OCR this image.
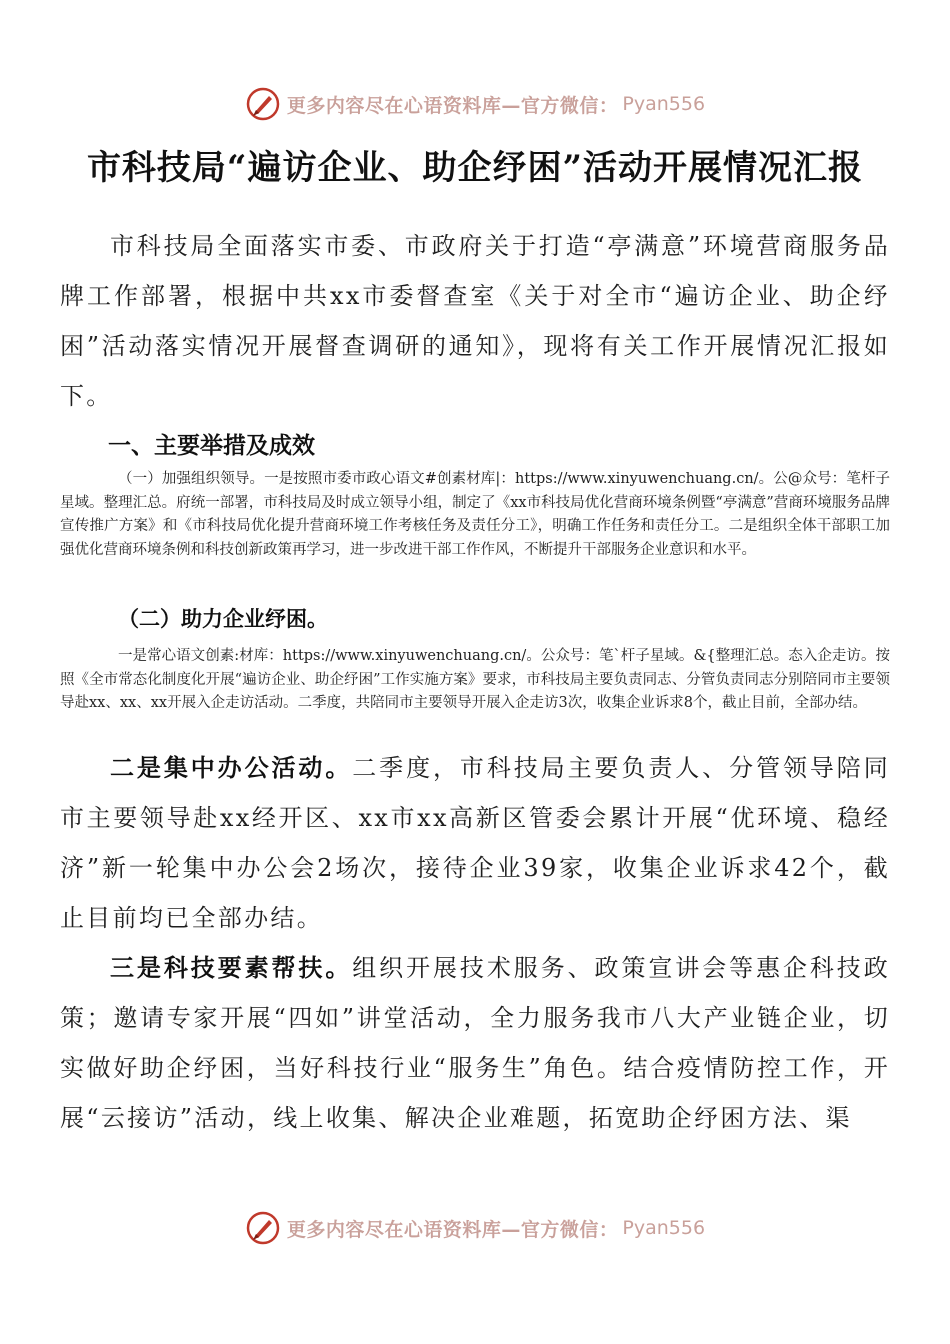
更多内容尽在心语资料库—官方微信： Pyan556
市科技局“遍访企业、助企纾困”活动开展情况汇报

市科技局全面落实市委、市政府关于打造“亭满意”环境营商服务品牌工作部署，根据中共xx市委督查室《关于对全市“遍访企业、助企纾困”活动落实情况开展督查调研的通知》，现将有关工作开展情况汇报如下。

一、主要举措及成效

（一）加强组织领导。一是按照市委市政心语文#创素材库|：https://www.xinyuwenchuang.cn/。公@众号：笔杆子星域。整理汇总。府统一部署，市科技局及时成立领导小组，制定了《xx市科技局优化营商环境条例暨“亭满意”营商环境服务品牌宣传推广方案》和《市科技局优化提升营商环境工作考核任务及责任分工》，明确工作任务和责任分工。二是组织全体干部职工加强优化营商环境条例和科技创新政策再学习，进一步改进干部工作作风，不断提升干部服务企业意识和水平。

（二）助力企业纾困。

一是常心语文创素:材库：https://www.xinyuwenchuang.cn/。公众号：笔`杆子星域。&{整理汇总。态入企走访。按照《全市常态化制度化开展“遍访企业、助企纾困”工作实施方案》要求，市科技局主要负责同志、分管负责同志分别陪同市主要领导赴xx、xx、xx开展入企走访活动。二季度，共陪同市主要领导开展入企走访3次，收集企业诉求8个，截止目前，全部办结。

二是集中办公活动。二季度，市科技局主要负责人、分管领导陪同市主要领导赴xx经开区、xx市xx高新区管委会累计开展“优环境、稳经济”新一轮集中办公会2场次，接待企业39家，收集企业诉求42个，截止目前均已全部办结。

三是科技要素帮扶。组织开展技术服务、政策宣讲会等惠企科技政策；邀请专家开展“四如”讲堂活动，全力服务我市八大产业链企业，切实做好助企纾困，当好科技行业“服务生”角色。结合疫情防控工作，开展“云接访”活动，线上收集、解决企业难题，拓宽助企纾困方法、渠

更多内容尽在心语资料库—官方微信： Pyan556
